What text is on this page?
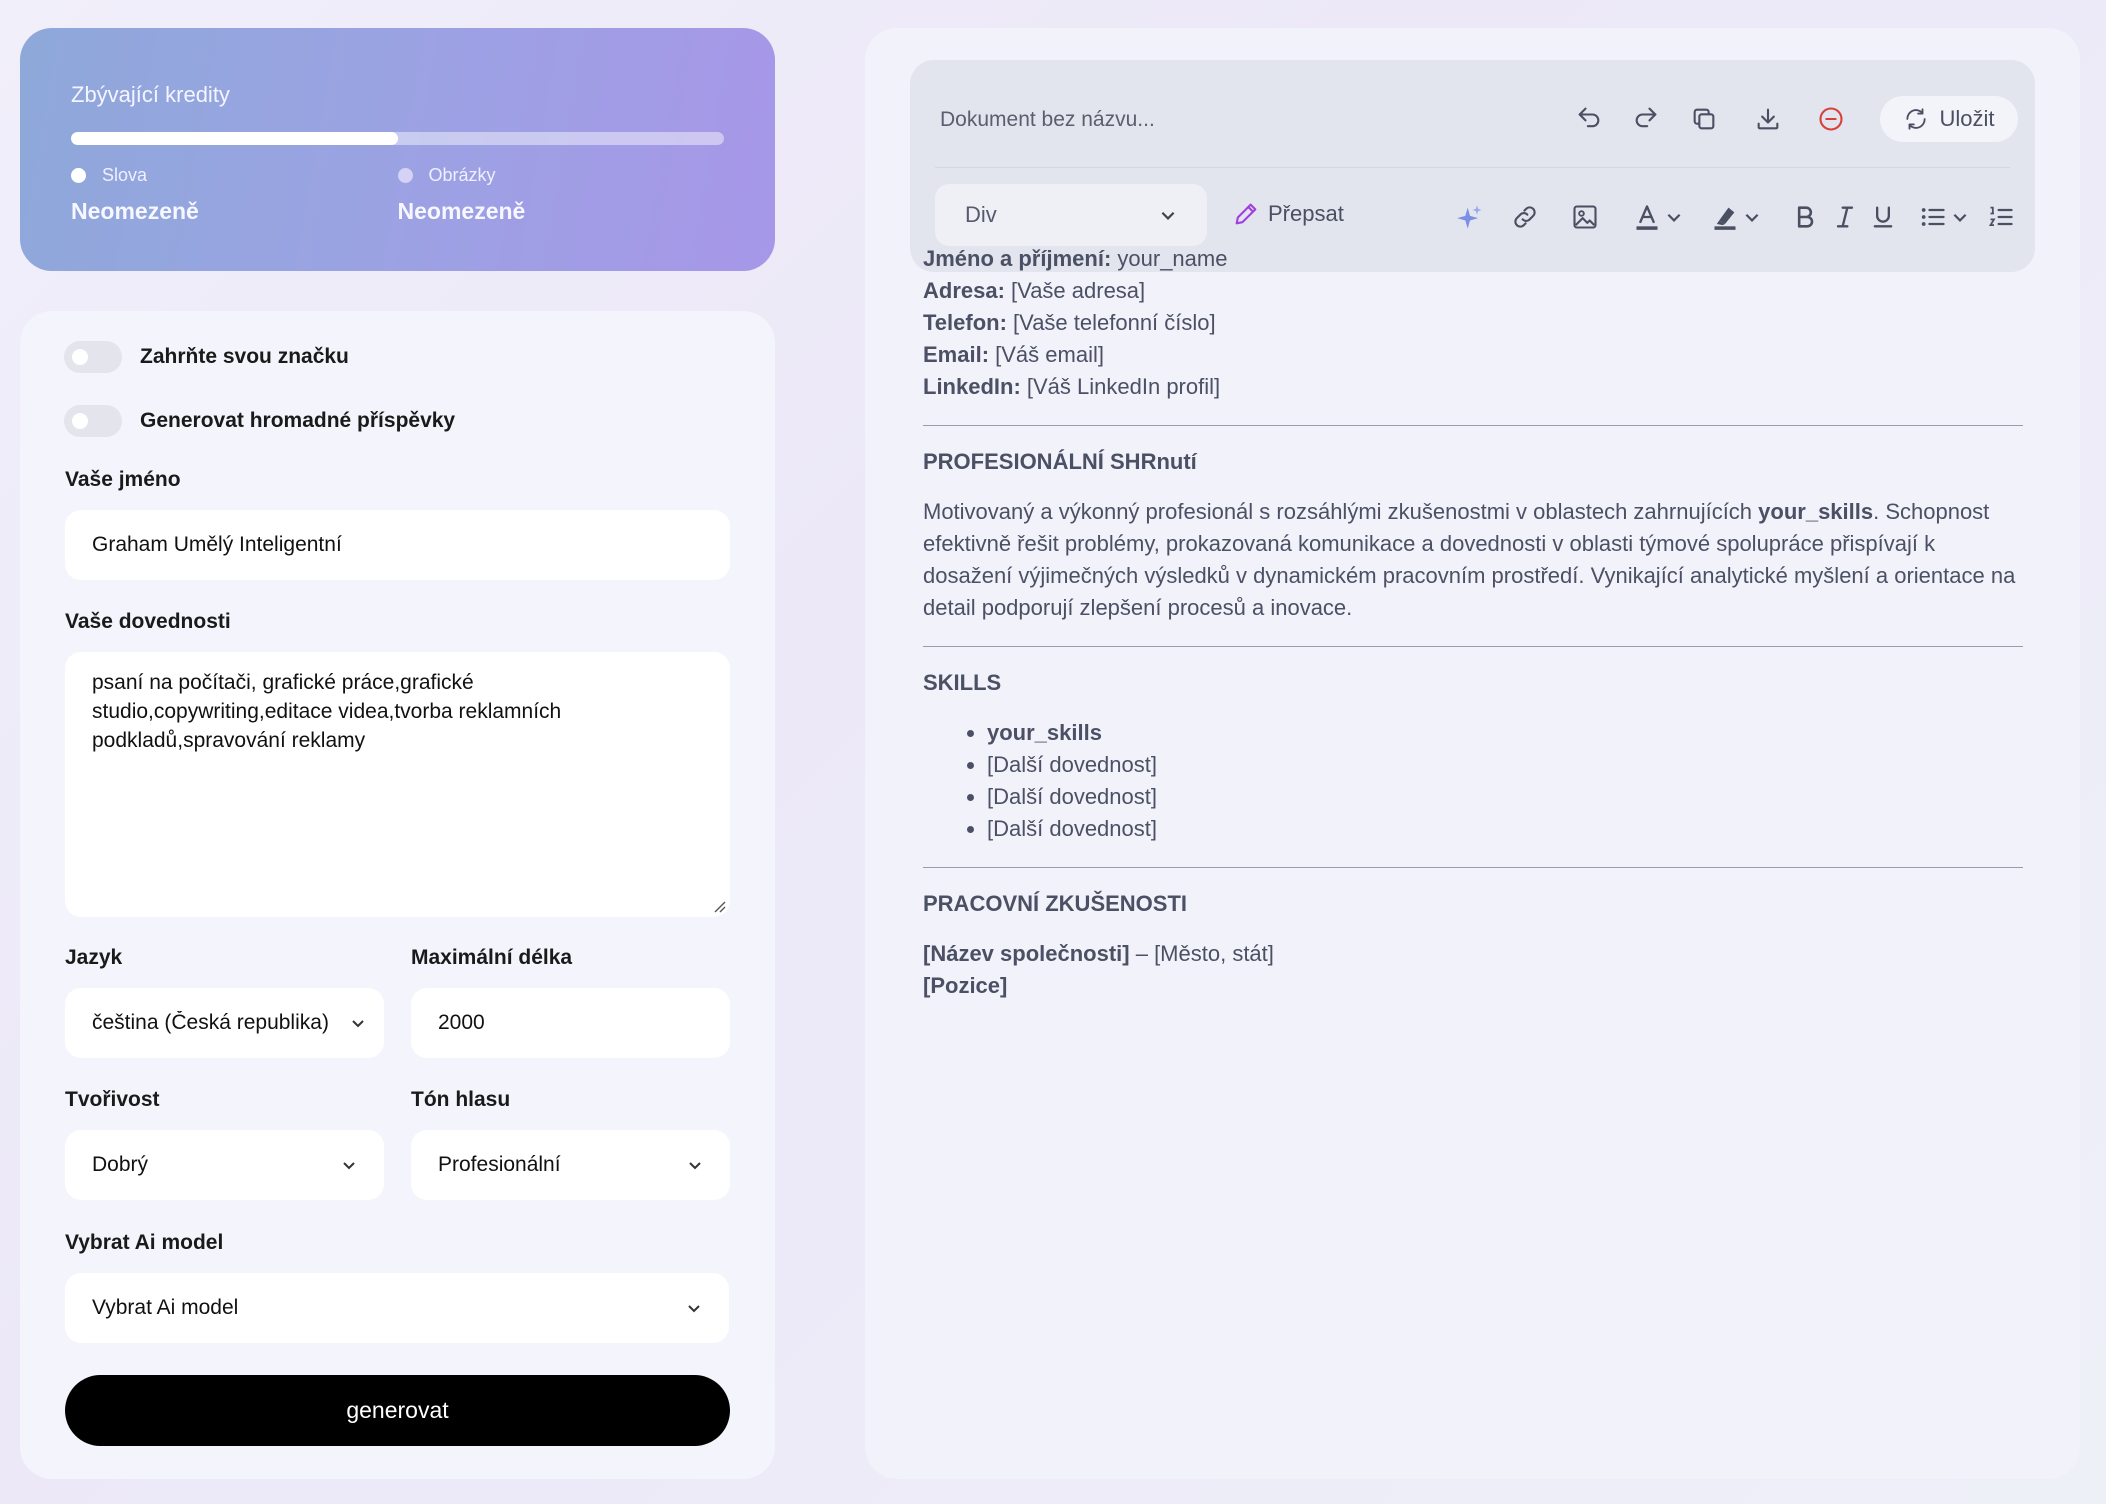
Zbývající kredity
Slova
Neomezeně
Obrázky
Neomezeně
Zahrňte svou značku
Generovat hromadné příspěvky
Vaše jméno
Graham Umělý Inteligentní
Vaše dovednosti
psaní na počítači, grafické práce,grafické studio,copywriting,editace videa,tvorba reklamních podkladů,spravování reklamy
Jazyk
čeština (Česká republika)
Maximální délka
2000
Tvořivost
Dobrý
Tón hlasu
Profesionální
Vybrat Ai model
Vybrat Ai model
generovat
Dokument bez názvu...	Uložit
Div	Přepsat
Jméno a příjmení: your_name
Adresa: [Vaše adresa]
Telefon: [Vaše telefonní číslo]
Email: [Váš email]
LinkedIn: [Váš LinkedIn profil]
PROFESIONÁLNÍ SHRnutí

Motivovaný a výkonný profesionál s rozsáhlými zkušenostmi v oblastech zahrnujících your_skills. Schopnost efektivně řešit problémy, prokazovaná komunikace a dovednosti v oblasti týmové spolupráce přispívají k dosažení výjimečných výsledků v dynamickém pracovním prostředí. Vynikající analytické myšlení a orientace na detail podporují zlepšení procesů a inovace.

SKILLS
• your_skills
• [Další dovednost]
• [Další dovednost]
• [Další dovednost]
PRACOVNÍ ZKUŠENOSTI
[Název společnosti] – [Město, stát]
[Pozice]
